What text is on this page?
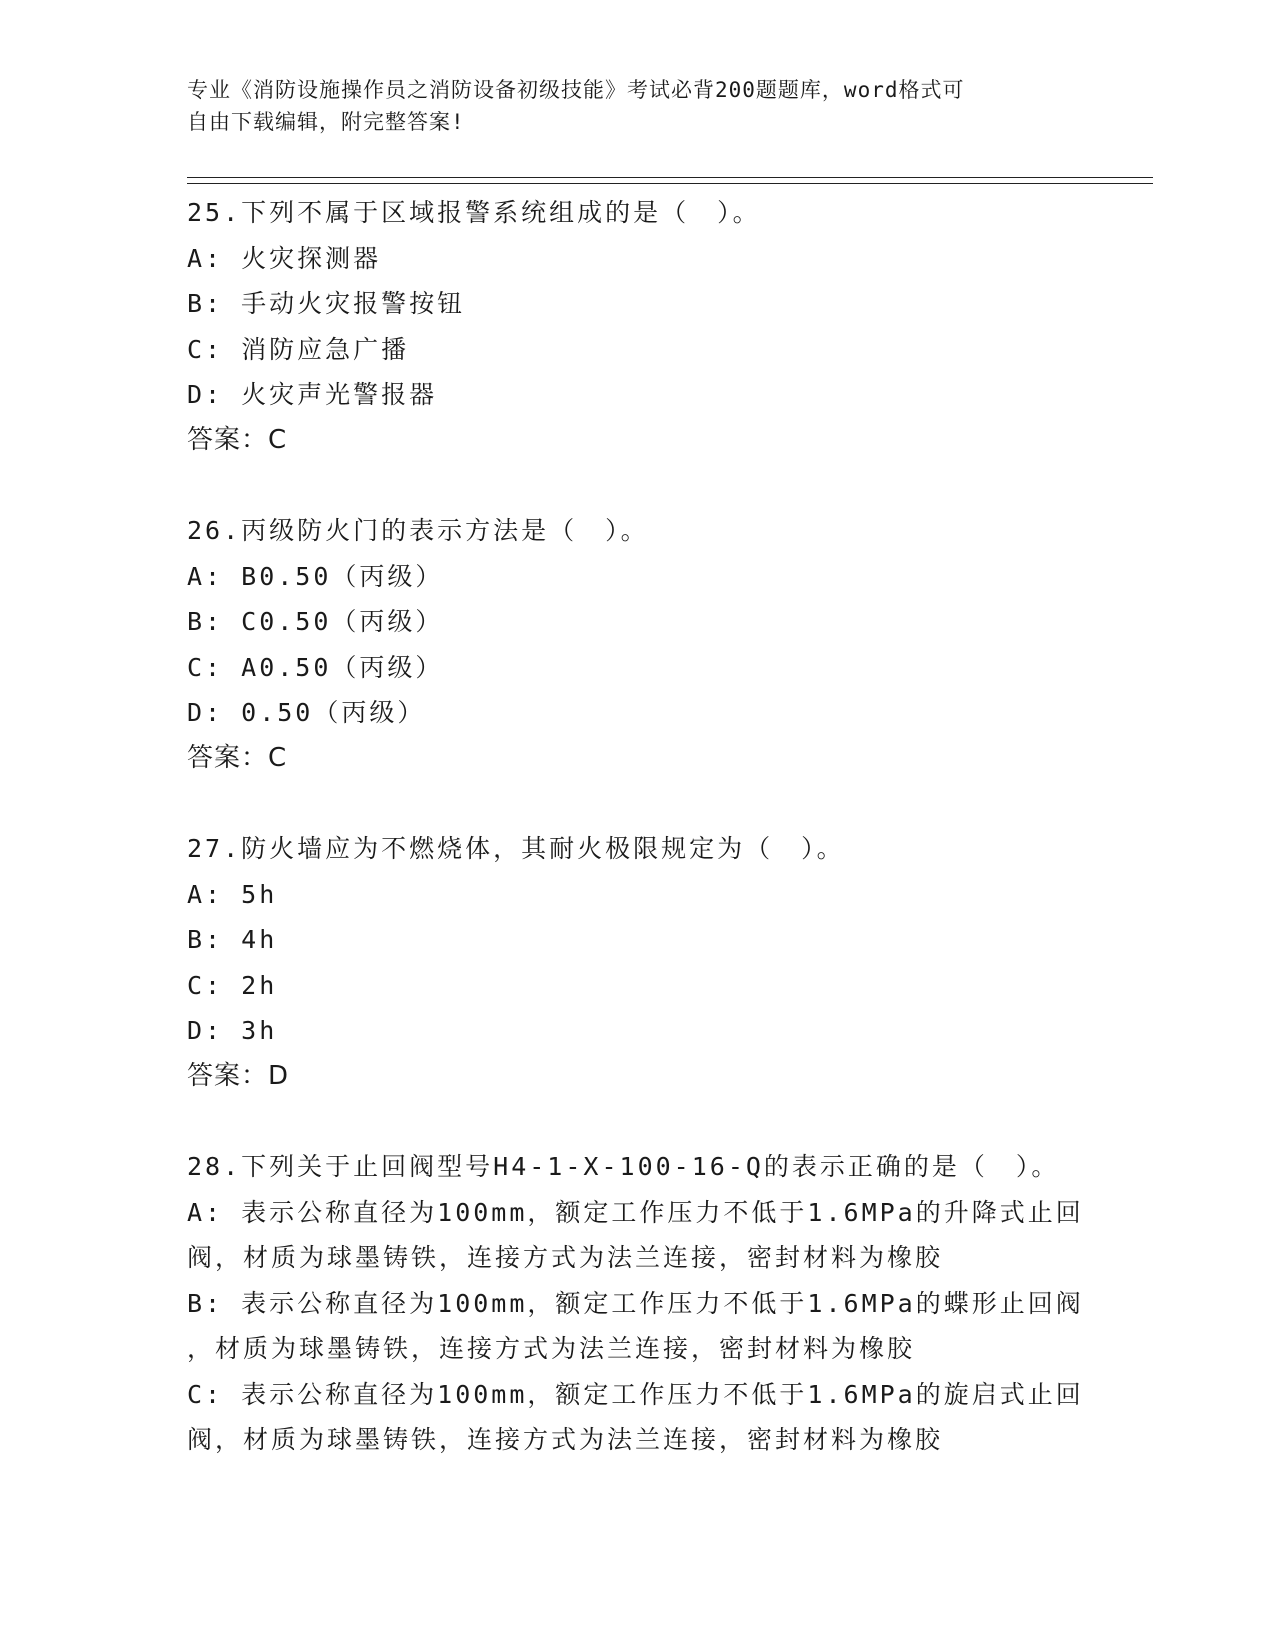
专业《消防设施操作员之消防设备初级技能》考试必背200题题库，word格式可
自由下载编辑，附完整答案!
25.下列不属于区域报警系统组成的是（　）。
A: 火灾探测器
B: 手动火灾报警按钮
C: 消防应急广播
D: 火灾声光警报器
答案：C
26.丙级防火门的表示方法是（　）。
A: B0.50（丙级）
B: C0.50（丙级）
C: A0.50（丙级）
D: 0.50（丙级）
答案：C
27.防火墙应为不燃烧体，其耐火极限规定为（　）。
A: 5h
B: 4h
C: 2h
D: 3h
答案：D
28.下列关于止回阀型号H4-1-X-100-16-Q的表示正确的是（　）。
A: 表示公称直径为100mm，额定工作压力不低于1.6MPa的升降式止回
阀，材质为球墨铸铁，连接方式为法兰连接，密封材料为橡胶
B: 表示公称直径为100mm，额定工作压力不低于1.6MPa的蝶形止回阀
，材质为球墨铸铁，连接方式为法兰连接，密封材料为橡胶
C: 表示公称直径为100mm，额定工作压力不低于1.6MPa的旋启式止回
阀，材质为球墨铸铁，连接方式为法兰连接，密封材料为橡胶
